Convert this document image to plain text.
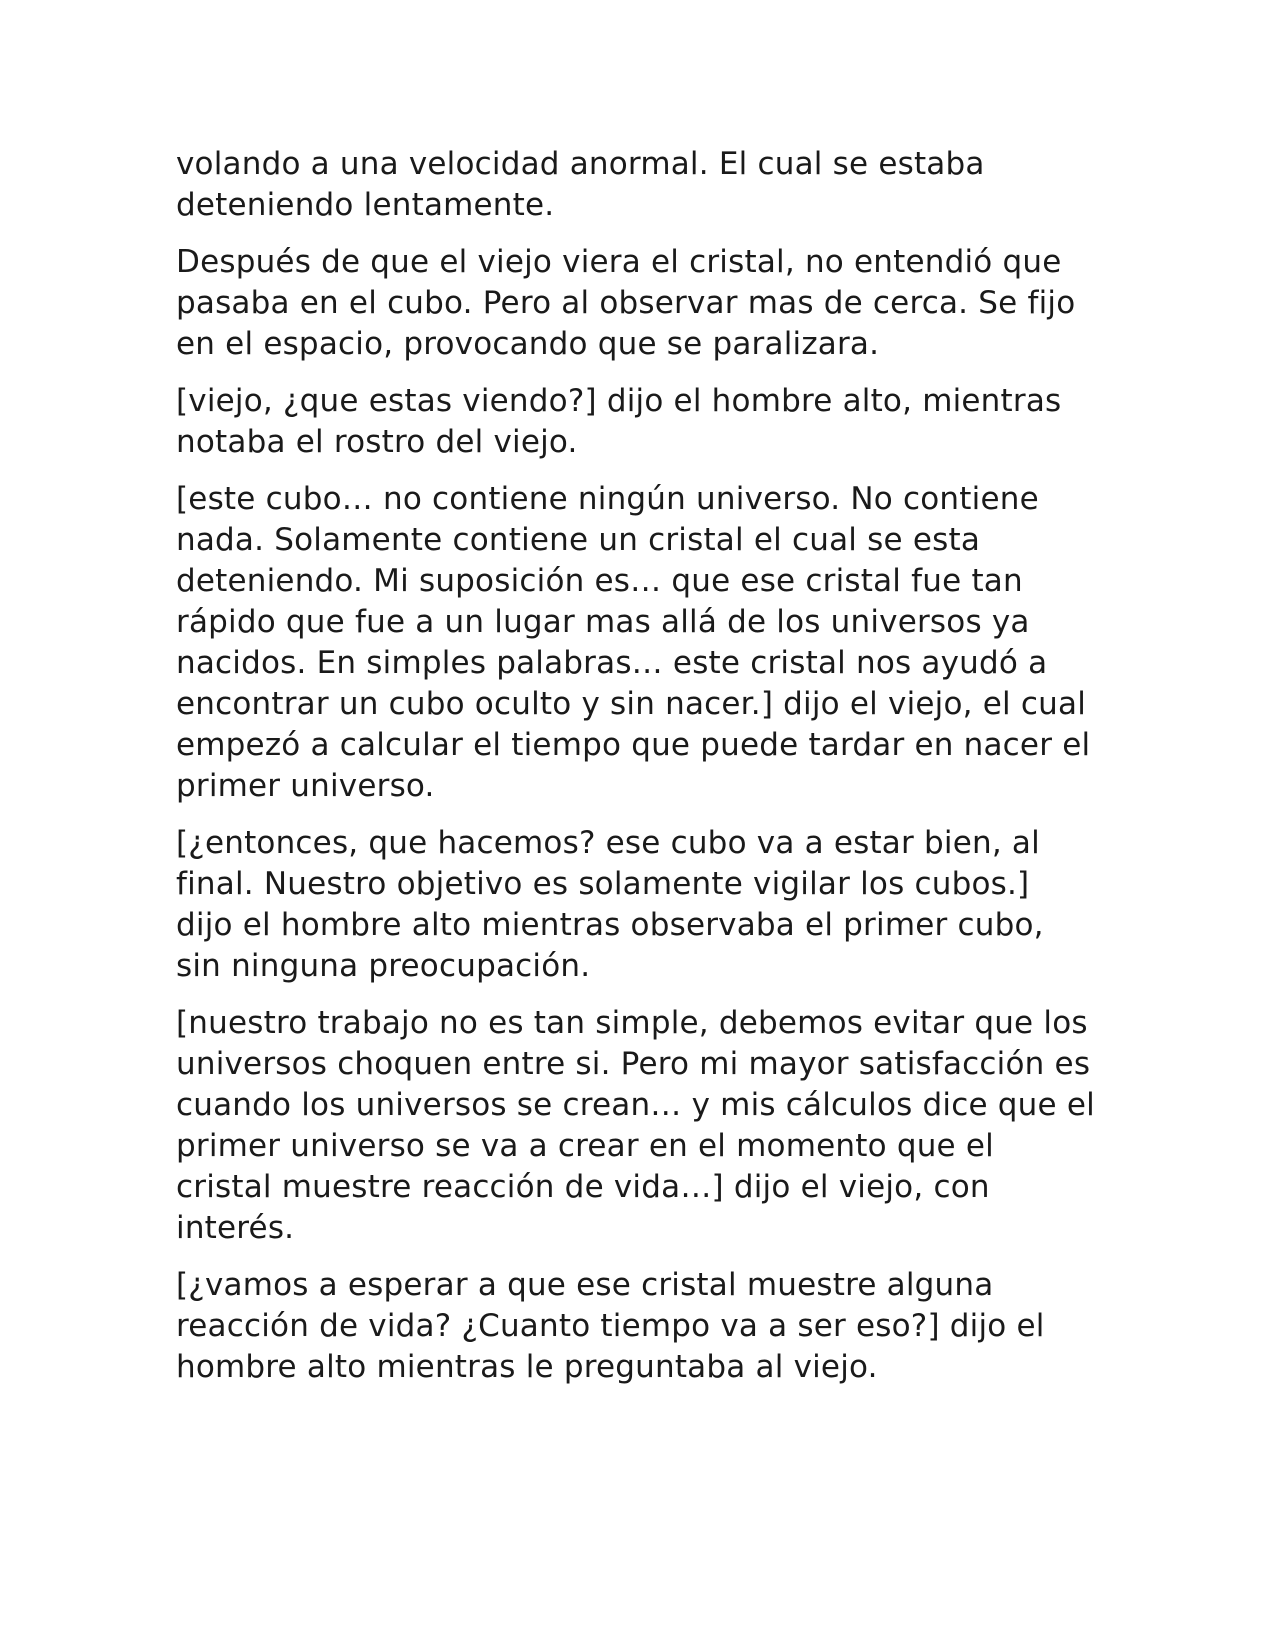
volando a una velocidad anormal. El cual se estaba deteniendo lentamente.

Después de que el viejo viera el cristal, no entendió que pasaba en el cubo. Pero al observar mas de cerca. Se fijo en el espacio, provocando que se paralizara.

[viejo, ¿que estas viendo?] dijo el hombre alto, mientras notaba el rostro del viejo.

[este cubo… no contiene ningún universo. No contiene nada. Solamente contiene un cristal el cual se esta deteniendo. Mi suposición es… que ese cristal fue tan rápido que fue a un lugar mas allá de los universos ya nacidos. En simples palabras… este cristal nos ayudó a encontrar un cubo oculto y sin nacer.] dijo el viejo, el cual empezó a calcular el tiempo que puede tardar en nacer el primer universo.

[¿entonces, que hacemos? ese cubo va a estar bien, al final. Nuestro objetivo es solamente vigilar los cubos.] dijo el hombre alto mientras observaba el primer cubo, sin ninguna preocupación.

[nuestro trabajo no es tan simple, debemos evitar que los universos choquen entre si. Pero mi mayor satisfacción es cuando los universos se crean… y mis cálculos dice que el primer universo se va a crear en el momento que el cristal muestre reacción de vida…] dijo el viejo, con interés.

[¿vamos a esperar a que ese cristal muestre alguna reacción de vida? ¿Cuanto tiempo va a ser eso?] dijo el hombre alto mientras le preguntaba al viejo.
